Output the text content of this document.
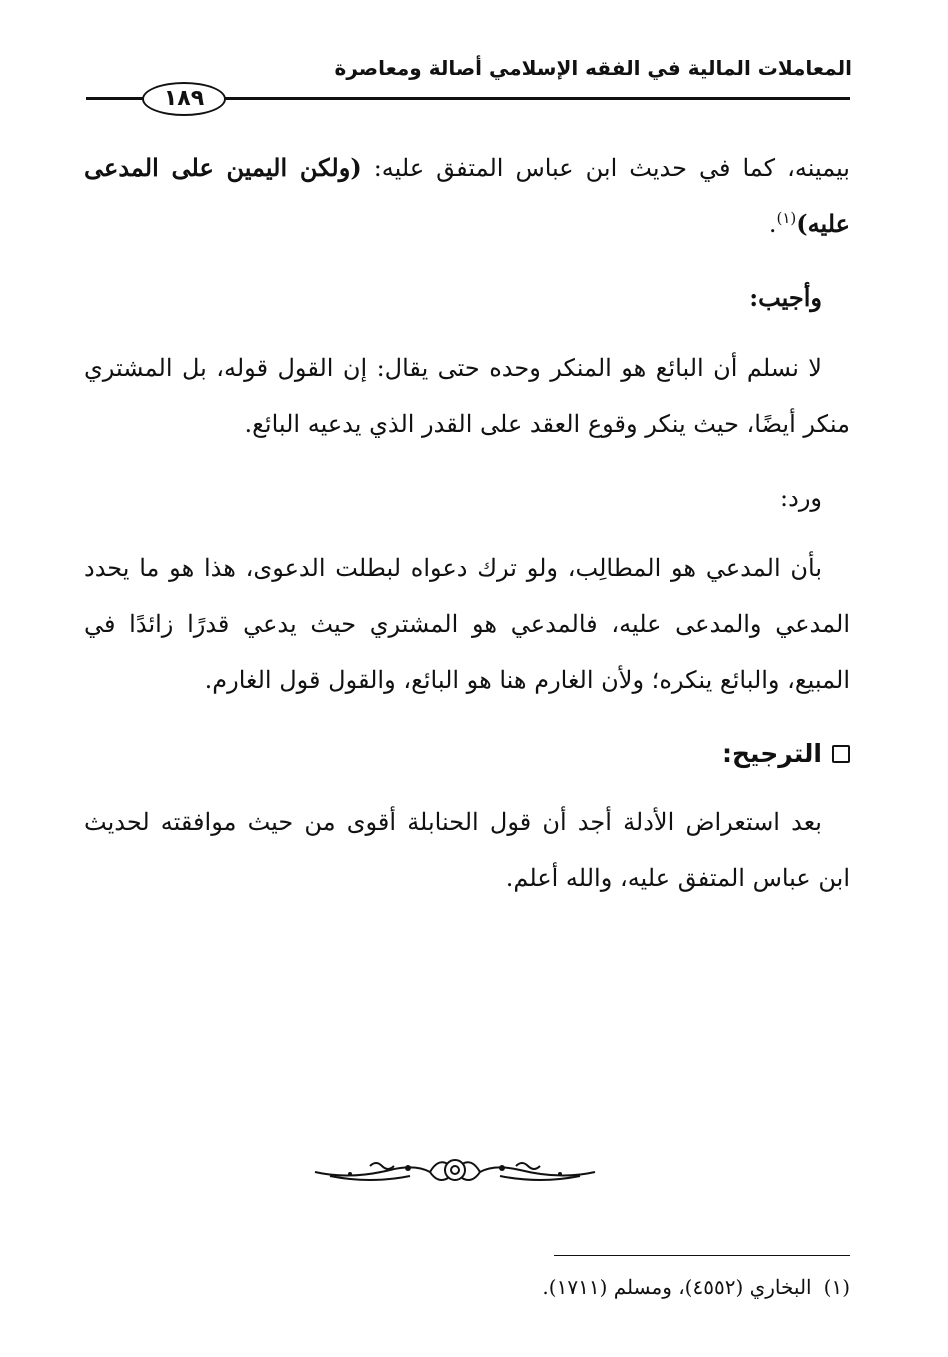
المعاملات المالية في الفقه الإسلامي أصالة ومعاصرة
١٨٩

بيمينه، كما في حديث ابن عباس المتفق عليه: (ولكن اليمين على المدعى عليه)$^{(١)}$.

وأجيب:

لا نسلم أن البائع هو المنكر وحده حتى يقال: إن القول قوله، بل المشتري منكر أيضًا، حيث ينكر وقوع العقد على القدر الذي يدعيه البائع.

ورد:

بأن المدعي هو المطالِب، ولو ترك دعواه لبطلت الدعوى، هذا هو ما يحدد المدعي والمدعى عليه، فالمدعي هو المشتري حيث يدعي قدرًا زائدًا في المبيع، والبائع ينكره؛ ولأن الغارم هنا هو البائع، والقول قول الغارم.

الترجيح:

بعد استعراض الأدلة أجد أن قول الحنابلة أقوى من حيث موافقته لحديث ابن عباس المتفق عليه، والله أعلم.

(١)البخاري (٤٥٥٢)، ومسلم (١٧١١).
